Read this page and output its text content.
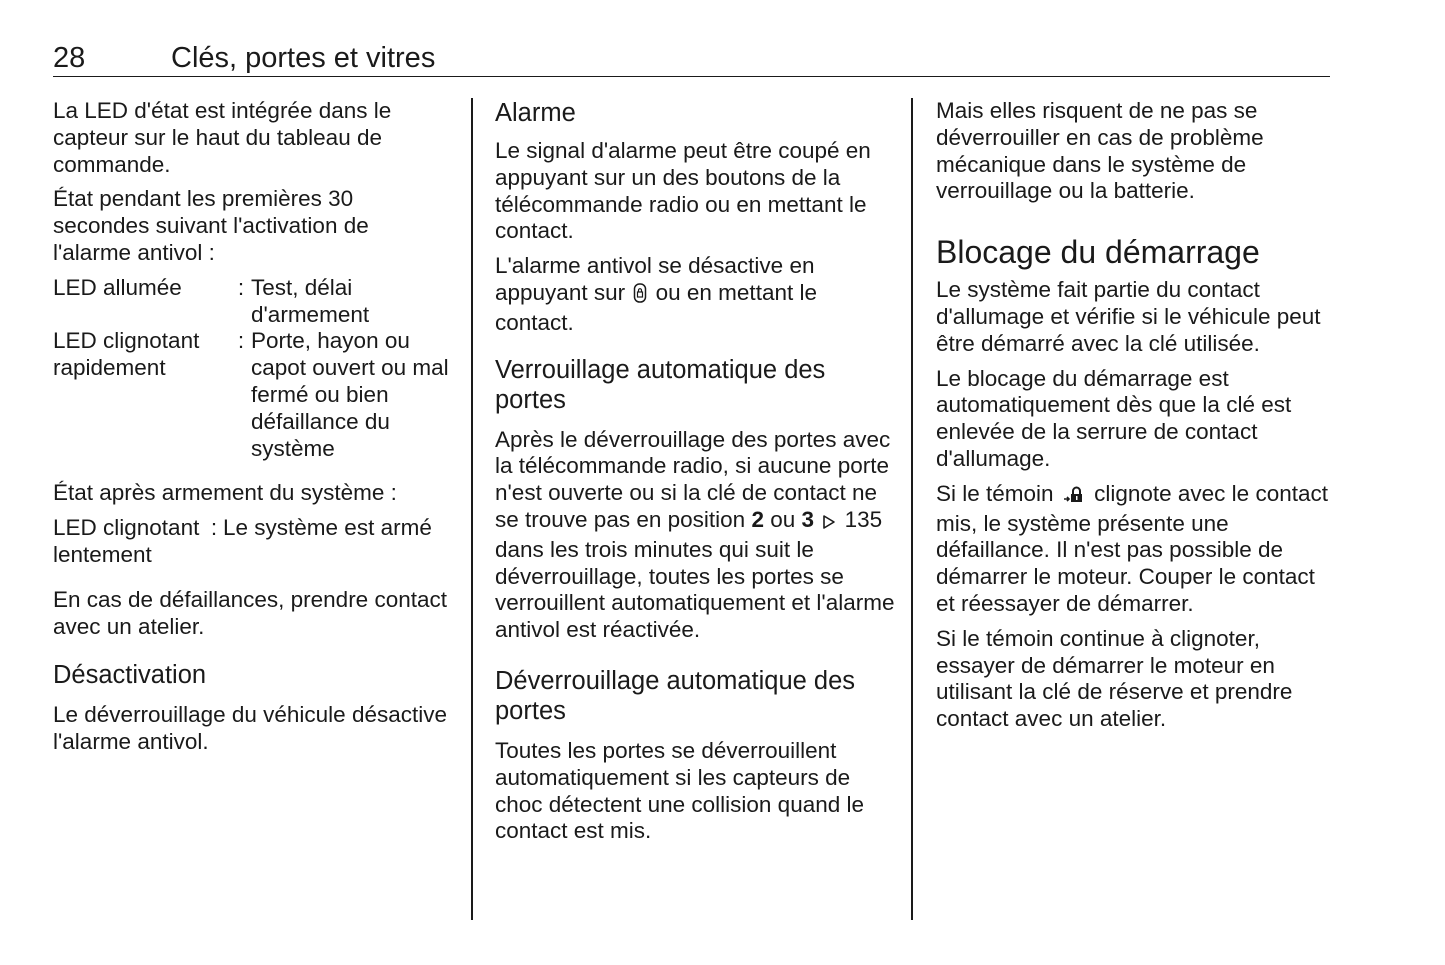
28	Clés, portes et vitres

La LED d'état est intégrée dans le capteur sur le haut du tableau de commande.

État pendant les premières 30 secondes suivant l'activation de l'alarme antivol :

LED allumée	: Test, délai d'armement
LED clignotant rapidement
: Porte, hayon ou capot ouvert ou mal fermé ou bien défaillance du système

État après armement du système :

LED clignotant lentement
: Le système est armé

En cas de défaillances, prendre contact avec un atelier.

Désactivation

Le déverrouillage du véhicule désactive l'alarme antivol.

Alarme

Le signal d'alarme peut être coupé en appuyant sur un des boutons de la télécommande radio ou en mettant le contact.

L'alarme antivol se désactive en appuyant sur ou en mettant le contact.

Verrouillage automatique des portes

Après le déverrouillage des portes avec la télécommande radio, si aucune porte n'est ouverte ou si la clé de contact ne se trouve pas en position 2 ou 3 135 dans les trois minutes qui suit le déverrouillage, toutes les portes se verrouillent automatiquement et l'alarme antivol est réactivée.

Déverrouillage automatique des portes

Toutes les portes se déverrouillent automatiquement si les capteurs de choc détectent une collision quand le contact est mis.

Mais elles risquent de ne pas se déverrouiller en cas de problème mécanique dans le système de verrouillage ou la batterie.

Blocage du démarrage

Le système fait partie du contact d'allumage et vérifie si le véhicule peut être démarré avec la clé utilisée.

Le blocage du démarrage est automatiquement dès que la clé est enlevée de la serrure de contact d'allumage.

Si le témoin clignote avec le contact mis, le système présente une défaillance. Il n'est pas possible de démarrer le moteur. Couper le contact et réessayer de démarrer.

Si le témoin continue à clignoter, essayer de démarrer le moteur en utilisant la clé de réserve et prendre contact avec un atelier.
